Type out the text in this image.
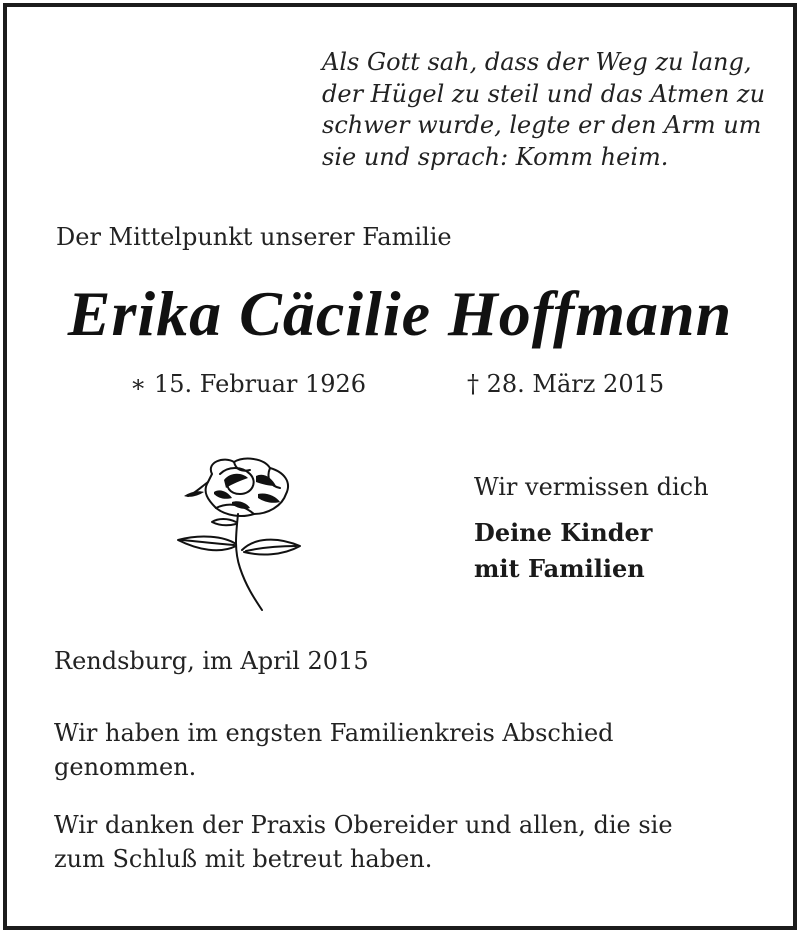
Als Gott sah, dass der Weg zu lang,
der Hügel zu steil und das Atmen zu
schwer wurde, legte er den Arm um
sie und sprach: Komm heim.
Der Mittelpunkt unserer Familie
Erika Cäcilie Hoffmann
∗ 15. Februar 1926	† 28. März 2015
Wir vermissen dich
Deine Kinder
mit Familien
Rendsburg, im April 2015
Wir haben im engsten Familienkreis Abschied
genommen.
Wir danken der Praxis Obereider und allen, die sie
zum Schluß mit betreut haben.
